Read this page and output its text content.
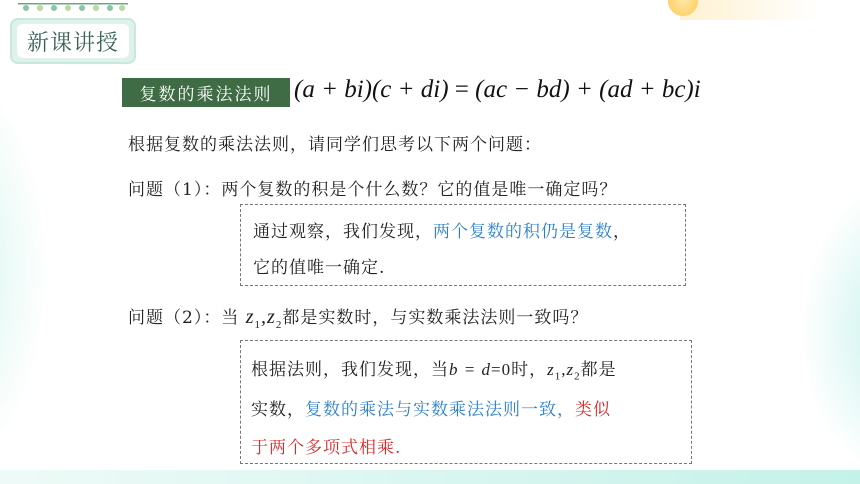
新课讲授
复数的乘法法则 (a + bi)(c + di) = (ac − bd) + (ad + bc)i
根据复数的乘法法则，请同学们思考以下两个问题：
问题（1）：两个复数的积是个什么数？它的值是唯一确定吗？
通过观察，我们发现，两个复数的积仍是复数，
它的值唯一确定.
问题（2）：当 $z_1,z_2$都是实数时，与实数乘法法则一致吗？
根据法则，我们发现，当b = d=0时，$z_1,z_2$都是
实数，复数的乘法与实数乘法法则一致，类似
于两个多项式相乘.
